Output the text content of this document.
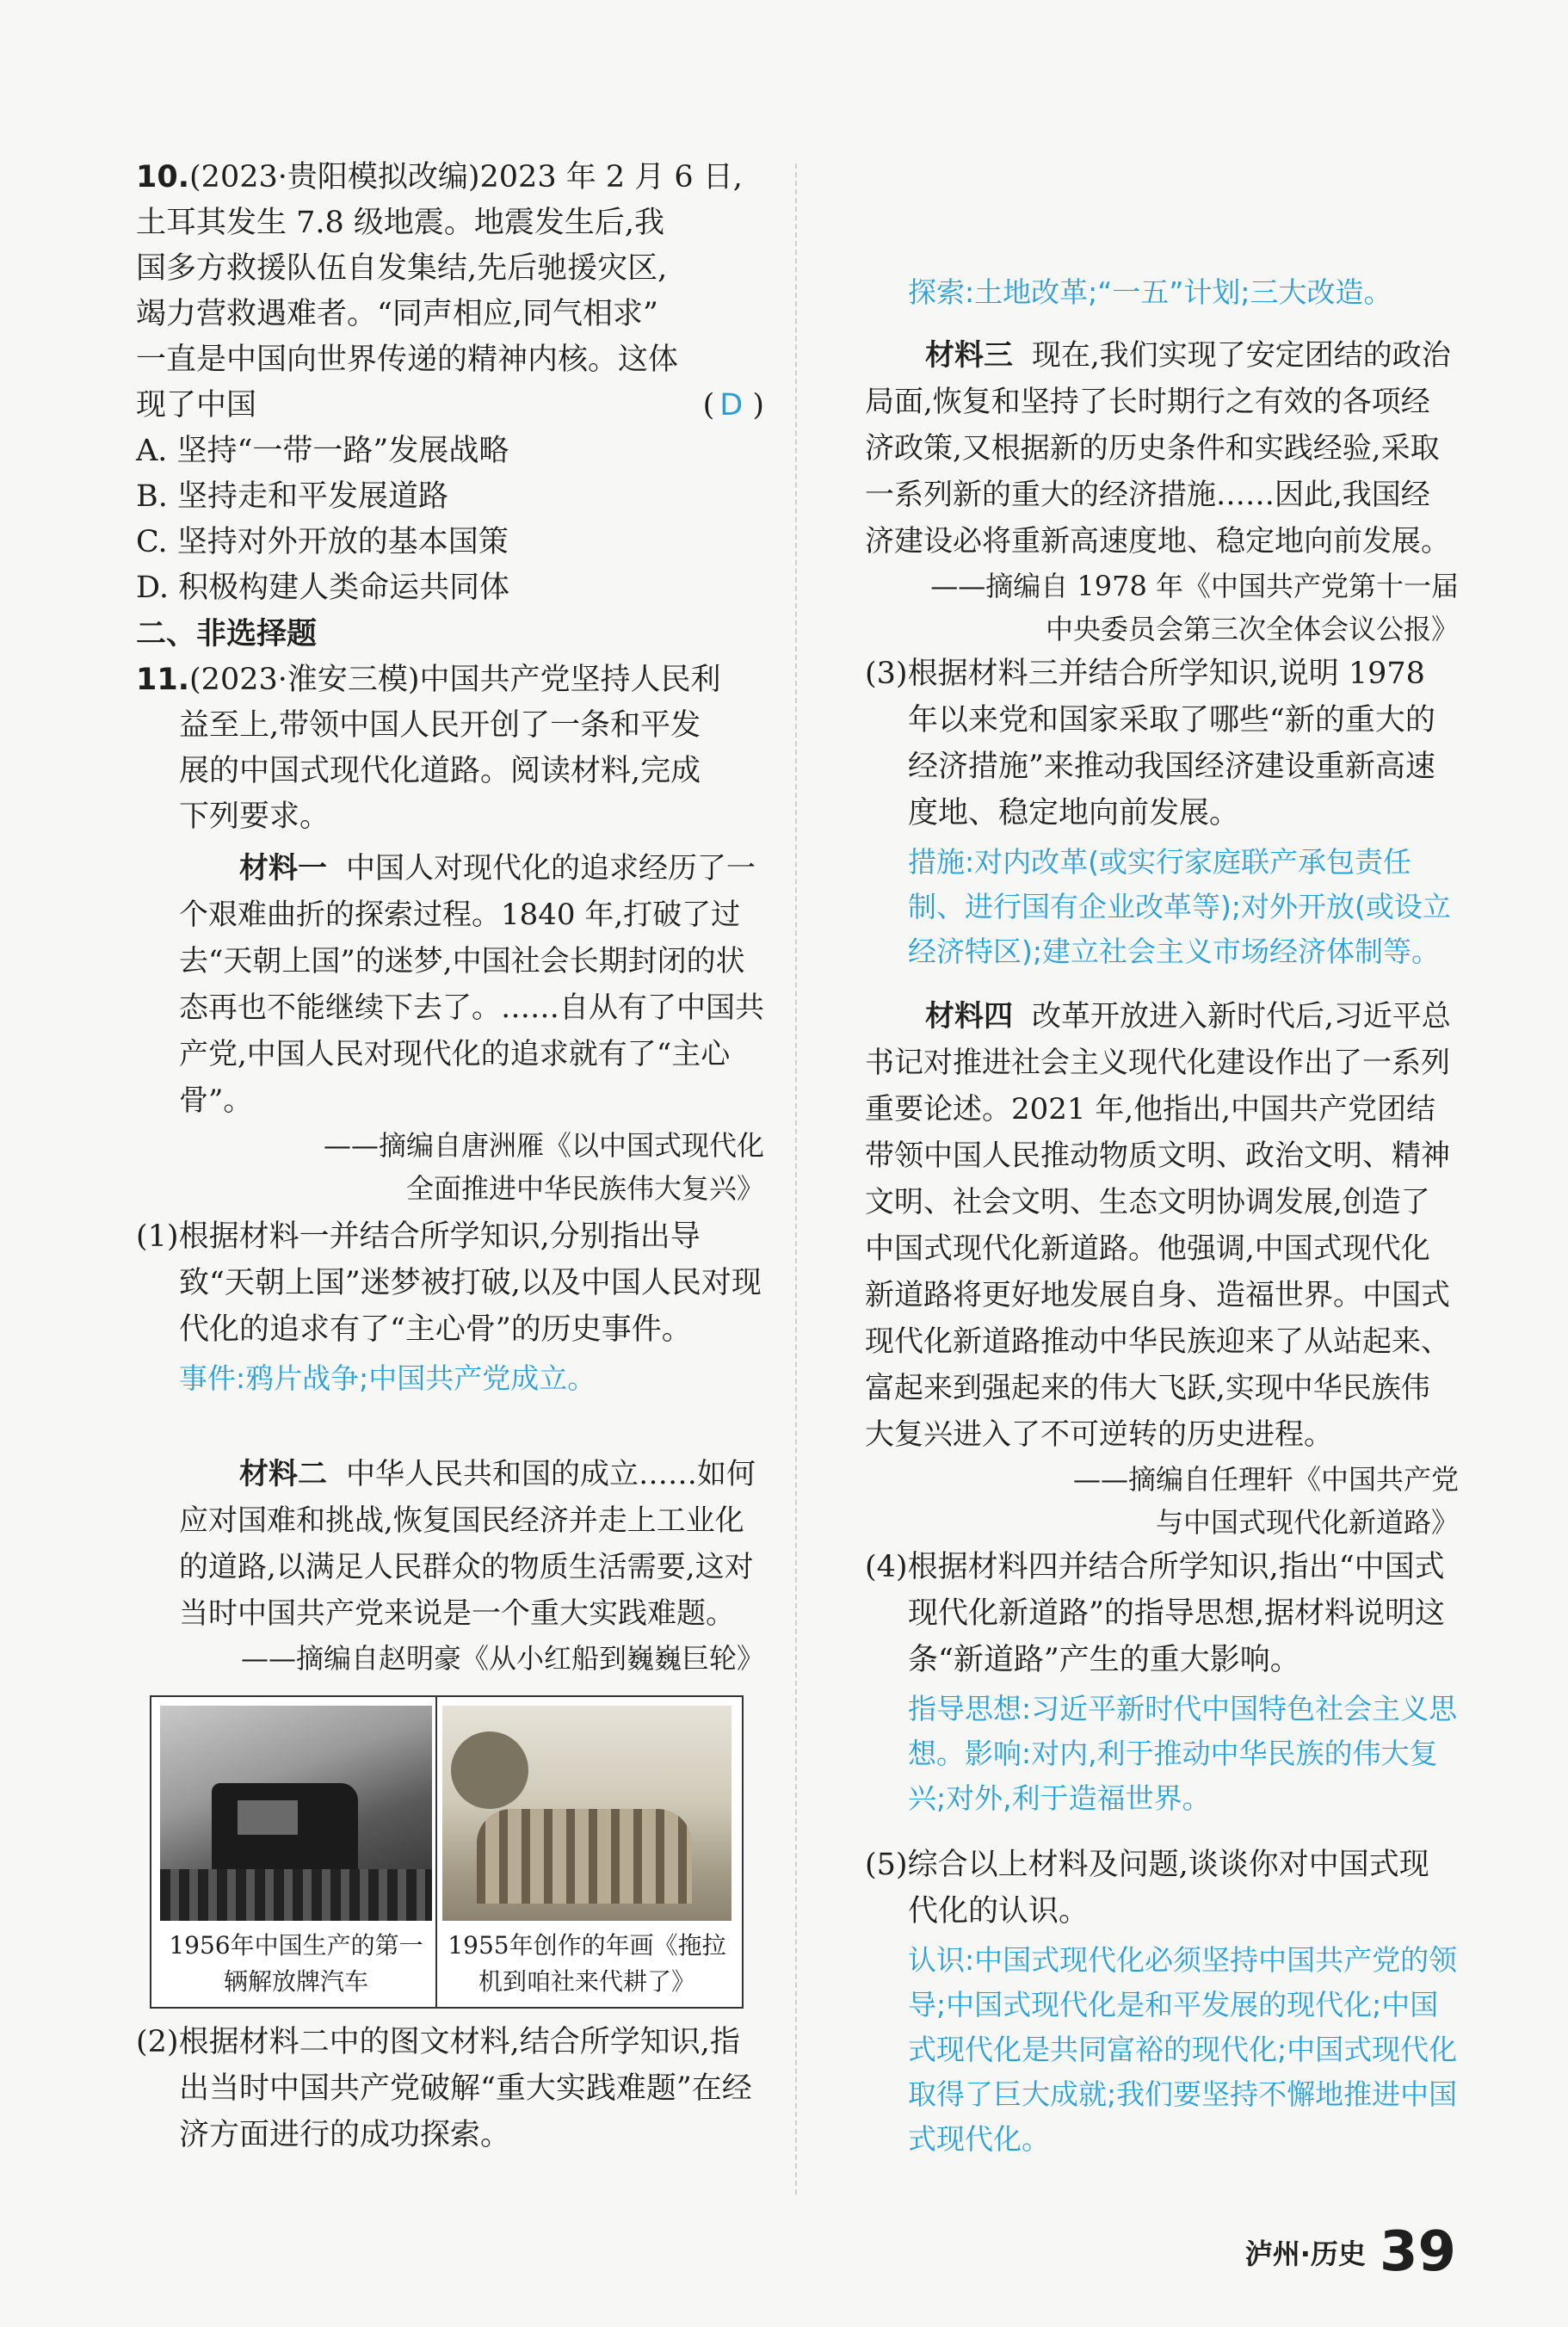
10.(2023·贵阳模拟改编)2023 年 2 月 6 日,

土耳其发生 7.8 级地震。地震发生后,我

国多方救援队伍自发集结,先后驰援灾区,

竭力营救遇难者。“同声相应,同气相求”

一直是中国向世界传递的精神内核。这体

现了中国	( D )

A. 坚持“一带一路”发展战略

B. 坚持走和平发展道路

C. 坚持对外开放的基本国策

D. 积极构建人类命运共同体

二、非选择题

11.(2023·淮安三模)中国共产党坚持人民利

益至上,带领中国人民开创了一条和平发

展的中国式现代化道路。阅读材料,完成

下列要求。

材料一 中国人对现代化的追求经历了一个艰难曲折的探索过程。1840 年,打破了过去“天朝上国”的迷梦,中国社会长期封闭的状态再也不能继续下去了。……自从有了中国共产党,中国人民对现代化的追求就有了“主心骨”。

——摘编自唐洲雁《以中国式现代化

全面推进中华民族伟大复兴》

(1)根据材料一并结合所学知识,分别指出导致“天朝上国”迷梦被打破,以及中国人民对现代化的追求有了“主心骨”的历史事件。
事件:鸦片战争;中国共产党成立。
材料二 中华人民共和国的成立……如何应对国难和挑战,恢复国民经济并走上工业化的道路,以满足人民群众的物质生活需要,这对当时中国共产党来说是一个重大实践难题。

——摘编自赵明豪《从小红船到巍巍巨轮》

1956年中国生产的第一辆解放牌汽车
1955年创作的年画《拖拉机到咱社来代耕了》
(2)根据材料二中的图文材料,结合所学知识,指出当时中国共产党破解“重大实践难题”在经济方面进行的成功探索。
探索:土地改革;“一五”计划;三大改造。
材料三 现在,我们实现了安定团结的政治局面,恢复和坚持了长时期行之有效的各项经济政策,又根据新的历史条件和实践经验,采取一系列新的重大的经济措施……因此,我国经济建设必将重新高速度地、稳定地向前发展。

——摘编自 1978 年《中国共产党第十一届

中央委员会第三次全体会议公报》

(3)根据材料三并结合所学知识,说明 1978 年以来党和国家采取了哪些“新的重大的经济措施”来推动我国经济建设重新高速度地、稳定地向前发展。
措施:对内改革(或实行家庭联产承包责任制、进行国有企业改革等);对外开放(或设立经济特区);建立社会主义市场经济体制等。
材料四 改革开放进入新时代后,习近平总书记对推进社会主义现代化建设作出了一系列重要论述。2021 年,他指出,中国共产党团结带领中国人民推动物质文明、政治文明、精神文明、社会文明、生态文明协调发展,创造了中国式现代化新道路。他强调,中国式现代化新道路将更好地发展自身、造福世界。中国式现代化新道路推动中华民族迎来了从站起来、富起来到强起来的伟大飞跃,实现中华民族伟大复兴进入了不可逆转的历史进程。

——摘编自任理轩《中国共产党

与中国式现代化新道路》

(4)根据材料四并结合所学知识,指出“中国式现代化新道路”的指导思想,据材料说明这条“新道路”产生的重大影响。
指导思想:习近平新时代中国特色社会主义思想。影响:对内,利于推动中华民族的伟大复兴;对外,利于造福世界。
(5)综合以上材料及问题,谈谈你对中国式现代化的认识。
认识:中国式现代化必须坚持中国共产党的领导;中国式现代化是和平发展的现代化;中国式现代化是共同富裕的现代化;中国式现代化取得了巨大成就;我们要坚持不懈地推进中国式现代化。
泸州·历史 39
